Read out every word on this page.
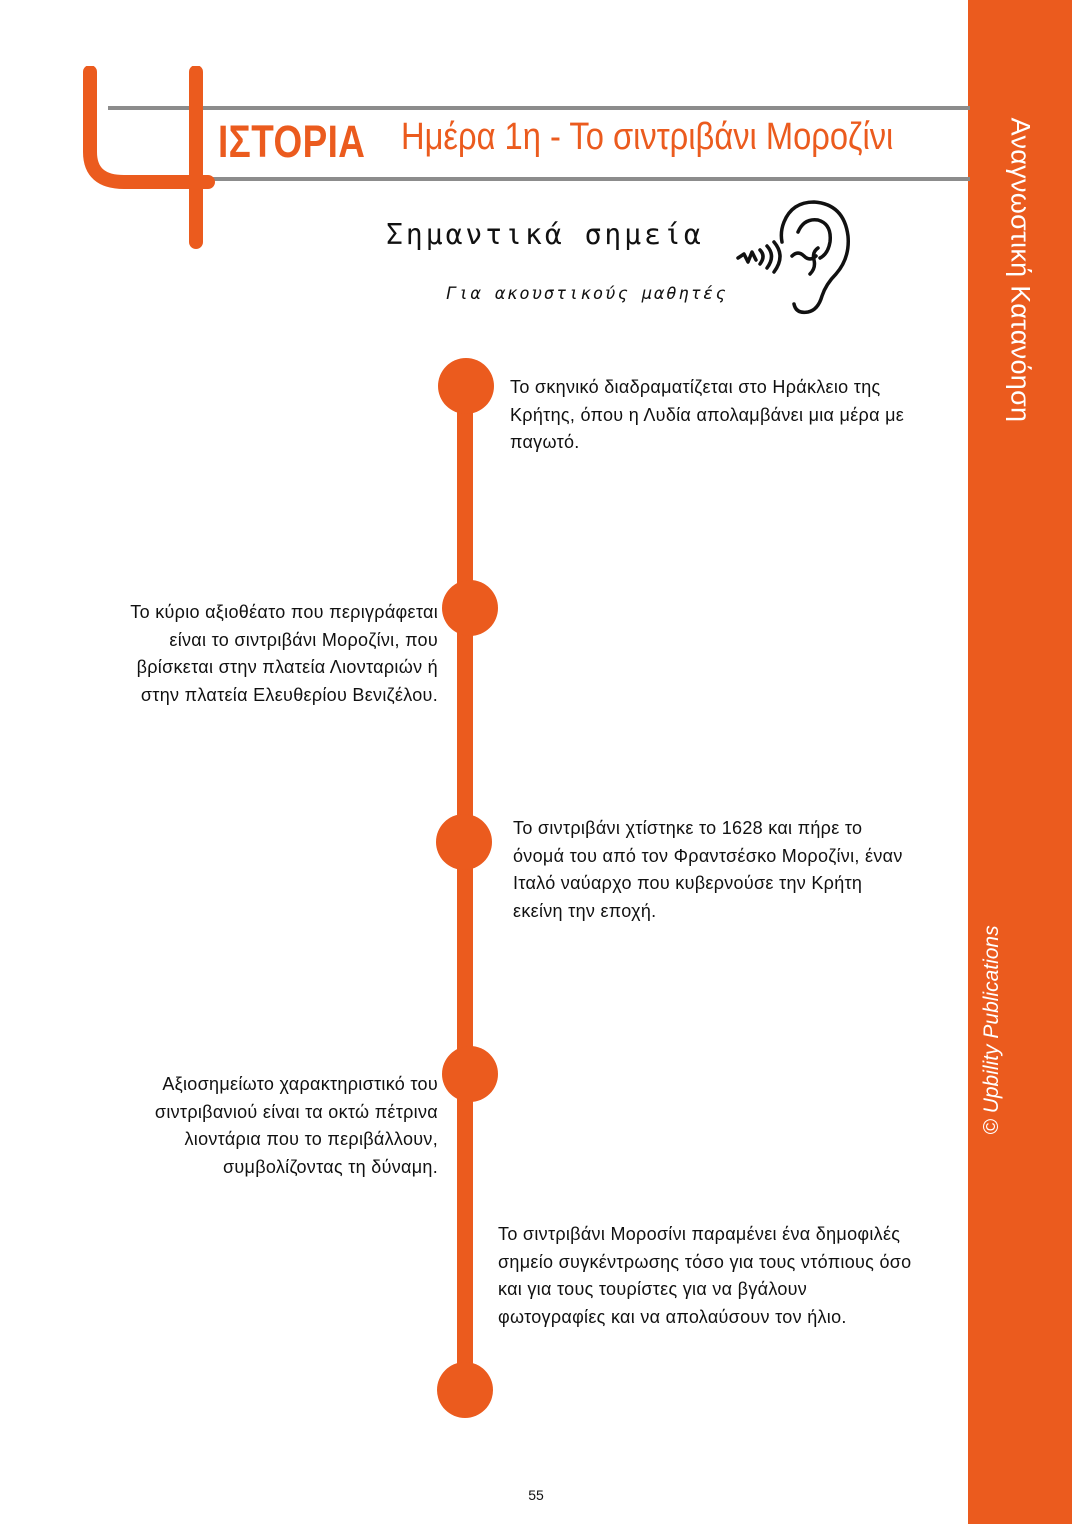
Αναγνωστική Κατανόηση
© Upbility Publications
ΙΣΤΟΡΙΑ Ημέρα 1η - Το σιντριβάνι Μοροζίνι
Σημαντικά σημεία
Για ακουστικούς μαθητές
Το σκηνικό διαδραματίζεται στο Ηράκλειο της Κρήτης, όπου η Λυδία απολαμβάνει μια μέρα με παγωτό.
Το κύριο αξιοθέατο που περιγράφεται είναι το σιντριβάνι Μοροζίνι, που βρίσκεται στην πλατεία Λιονταριών ή στην πλατεία Ελευθερίου Βενιζέλου.
Το σιντριβάνι χτίστηκε το 1628 και πήρε το όνομά του από τον Φραντσέσκο Μοροζίνι, έναν Ιταλό ναύαρχο που κυβερνούσε την Κρήτη εκείνη την εποχή.
Αξιοσημείωτο χαρακτηριστικό του σιντριβανιού είναι τα οκτώ πέτρινα λιοντάρια που το περιβάλλουν, συμβολίζοντας τη δύναμη.
Το σιντριβάνι Μοροσίνι παραμένει ένα δημοφιλές σημείο συγκέντρωσης τόσο για τους ντόπιους όσο και για τους τουρίστες για να βγάλουν φωτογραφίες και να απολαύσουν τον ήλιο.
55
